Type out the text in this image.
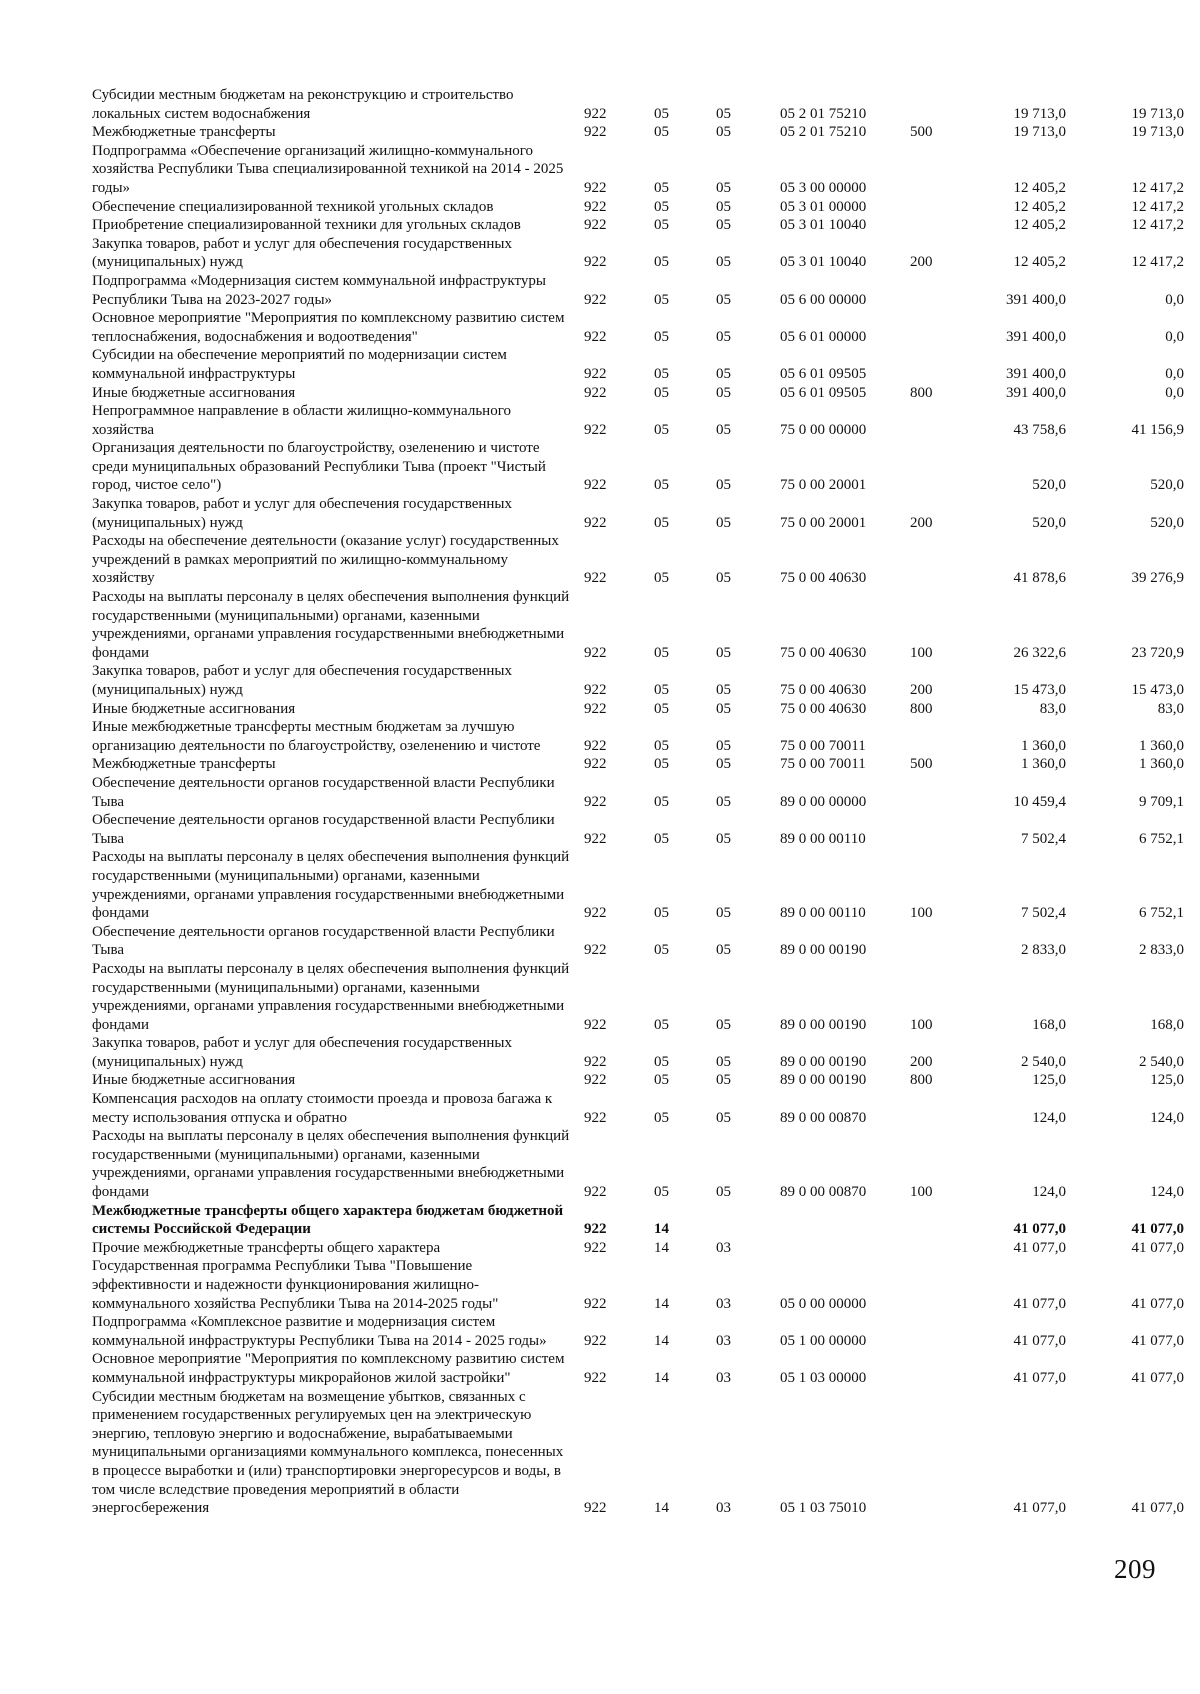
Субсидии местным бюджетам на реконструкцию и строительство локальных систем водоснабжения	922	05	05	05 2 01 75210		19 713,0	19 713,0
Межбюджетные трансферты	922	05	05	05 2 01 75210	500	19 713,0	19 713,0
Подпрограмма «Обеспечение организаций жилищно-коммунального хозяйства Республики Тыва специализированной техникой на 2014 - 2025 годы»	922	05	05	05 3 00 00000		12 405,2	12 417,2
Обеспечение специализированной техникой угольных складов	922	05	05	05 3 01 00000		12 405,2	12 417,2
Приобретение специализированной техники для угольных складов	922	05	05	05 3 01 10040		12 405,2	12 417,2
Закупка товаров, работ и услуг для обеспечения государственных (муниципальных) нужд	922	05	05	05 3 01 10040	200	12 405,2	12 417,2
Подпрограмма «Модернизация систем коммунальной инфраструктуры Республики Тыва на 2023-2027 годы»	922	05	05	05 6 00 00000		391 400,0	0,0
Основное мероприятие "Мероприятия по комплексному развитию систем теплоснабжения, водоснабжения и водоотведения"	922	05	05	05 6 01 00000		391 400,0	0,0
Субсидии на обеспечение мероприятий по модернизации систем коммунальной инфраструктуры	922	05	05	05 6 01 09505		391 400,0	0,0
Иные бюджетные ассигнования	922	05	05	05 6 01 09505	800	391 400,0	0,0
Непрограммное направление в области жилищно-коммунального хозяйства	922	05	05	75 0 00 00000		43 758,6	41 156,9
Организация деятельности по благоустройству, озеленению и чистоте среди муниципальных образований Республики Тыва (проект "Чистый город, чистое село")	922	05	05	75 0 00 20001		520,0	520,0
Закупка товаров, работ и услуг для обеспечения государственных (муниципальных) нужд	922	05	05	75 0 00 20001	200	520,0	520,0
Расходы на обеспечение деятельности (оказание услуг) государственных учреждений в рамках мероприятий по жилищно-коммунальному хозяйству	922	05	05	75 0 00 40630		41 878,6	39 276,9
Расходы на выплаты персоналу в целях обеспечения выполнения функций государственными (муниципальными) органами, казенными учреждениями, органами управления государственными внебюджетными фондами	922	05	05	75 0 00 40630	100	26 322,6	23 720,9
Закупка товаров, работ и услуг для обеспечения государственных (муниципальных) нужд	922	05	05	75 0 00 40630	200	15 473,0	15 473,0
Иные бюджетные ассигнования	922	05	05	75 0 00 40630	800	83,0	83,0
Иные межбюджетные трансферты местным бюджетам за лучшую организацию деятельности по благоустройству, озеленению и чистоте	922	05	05	75 0 00 70011		1 360,0	1 360,0
Межбюджетные трансферты	922	05	05	75 0 00 70011	500	1 360,0	1 360,0
Обеспечение деятельности органов государственной власти Республики Тыва	922	05	05	89 0 00 00000		10 459,4	9 709,1
Обеспечение деятельности органов государственной власти Республики Тыва	922	05	05	89 0 00 00110		7 502,4	6 752,1
Расходы на выплаты персоналу в целях обеспечения выполнения функций государственными (муниципальными) органами, казенными учреждениями, органами управления государственными внебюджетными фондами	922	05	05	89 0 00 00110	100	7 502,4	6 752,1
Обеспечение деятельности органов государственной власти Республики Тыва	922	05	05	89 0 00 00190		2 833,0	2 833,0
Расходы на выплаты персоналу в целях обеспечения выполнения функций государственными (муниципальными) органами, казенными учреждениями, органами управления государственными внебюджетными фондами	922	05	05	89 0 00 00190	100	168,0	168,0
Закупка товаров, работ и услуг для обеспечения государственных (муниципальных) нужд	922	05	05	89 0 00 00190	200	2 540,0	2 540,0
Иные бюджетные ассигнования	922	05	05	89 0 00 00190	800	125,0	125,0
Компенсация расходов на оплату стоимости проезда и провоза багажа к месту использования отпуска и обратно	922	05	05	89 0 00 00870		124,0	124,0
Расходы на выплаты персоналу в целях обеспечения выполнения функций государственными (муниципальными) органами, казенными учреждениями, органами управления государственными внебюджетными фондами	922	05	05	89 0 00 00870	100	124,0	124,0
Межбюджетные трансферты общего характера бюджетам бюджетной системы Российской Федерации	922	14				41 077,0	41 077,0
Прочие межбюджетные трансферты общего характера	922	14	03			41 077,0	41 077,0
Государственная программа Республики Тыва "Повышение эффективности и надежности функционирования жилищно-коммунального хозяйства Республики Тыва на 2014-2025 годы"	922	14	03	05 0 00 00000		41 077,0	41 077,0
Подпрограмма «Комплексное развитие и модернизация систем коммунальной инфраструктуры Республики Тыва на 2014 - 2025 годы»	922	14	03	05 1 00 00000		41 077,0	41 077,0
Основное мероприятие "Мероприятия по комплексному развитию систем коммунальной инфраструктуры микрорайонов жилой застройки"	922	14	03	05 1 03 00000		41 077,0	41 077,0
Субсидии местным бюджетам на возмещение убытков, связанных с применением государственных регулируемых цен на электрическую энергию, тепловую энергию и водоснабжение, вырабатываемыми муниципальными организациями коммунального комплекса, понесенных в процессе выработки и (или) транспортировки энергоресурсов и воды, в том числе вследствие проведения мероприятий в области энергосбережения	922	14	03	05 1 03 75010		41 077,0	41 077,0
209
